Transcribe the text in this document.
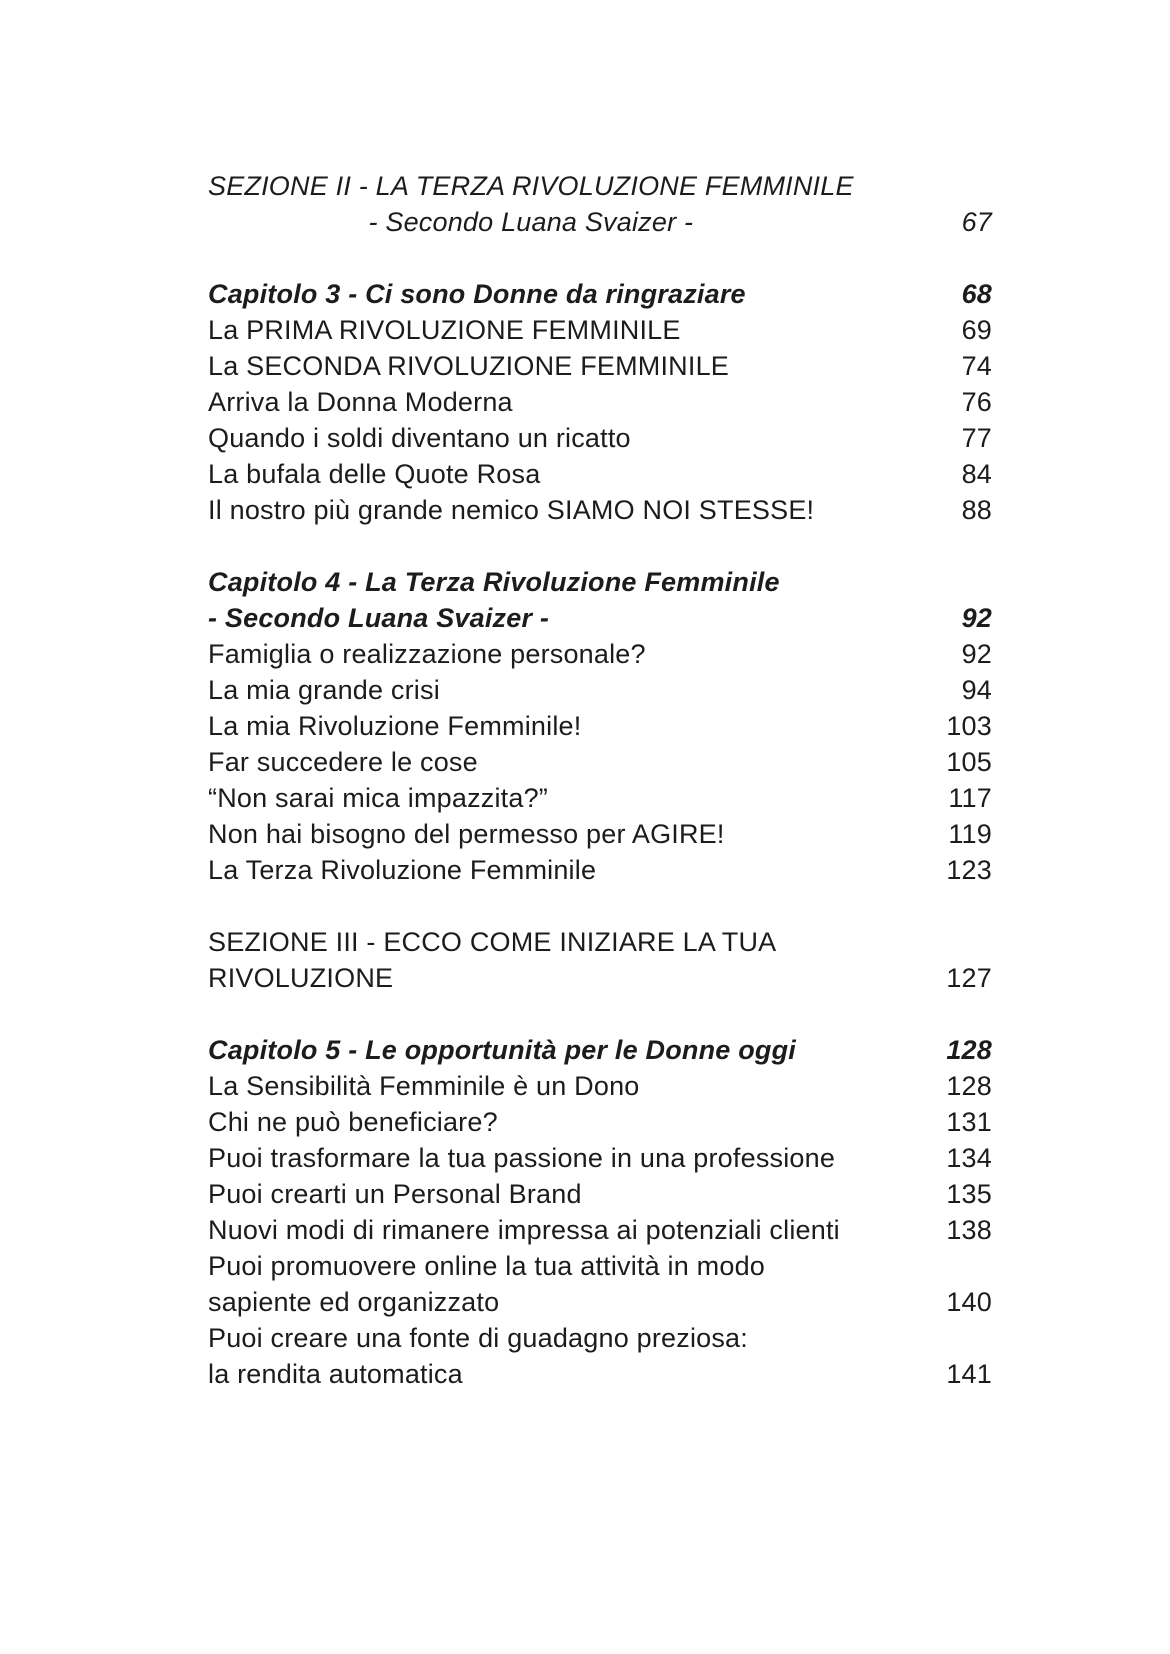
SEZIONE II - LA TERZA RIVOLUZIONE FEMMINILE
- Secondo Luana Svaizer -	67
Capitolo 3 - Ci sono Donne da ringraziare	68
La PRIMA RIVOLUZIONE FEMMINILE	69
La SECONDA RIVOLUZIONE FEMMINILE	74
Arriva la Donna Moderna	76
Quando i soldi diventano un ricatto	77
La bufala delle Quote Rosa	84
Il nostro più grande nemico SIAMO NOI STESSE!	88
Capitolo 4 - La Terza Rivoluzione Femminile
- Secondo Luana Svaizer -	92
Famiglia o realizzazione personale?	92
La mia grande crisi	94
La mia Rivoluzione Femminile!	103
Far succedere le cose	105
“Non sarai mica impazzita?”	117
Non hai bisogno del permesso per AGIRE!	119
La Terza Rivoluzione Femminile	123
SEZIONE III - ECCO COME INIZIARE LA TUA RIVOLUZIONE	127
Capitolo 5 - Le opportunità per le Donne oggi	128
La Sensibilità Femminile è un Dono	128
Chi ne può beneficiare?	131
Puoi trasformare la tua passione in una professione	134
Puoi crearti un Personal Brand	135
Nuovi modi di rimanere impressa ai potenziali clienti	138
Puoi promuovere online la tua attività in modo
sapiente ed organizzato	140
Puoi creare una fonte di guadagno preziosa:
la rendita automatica	141
